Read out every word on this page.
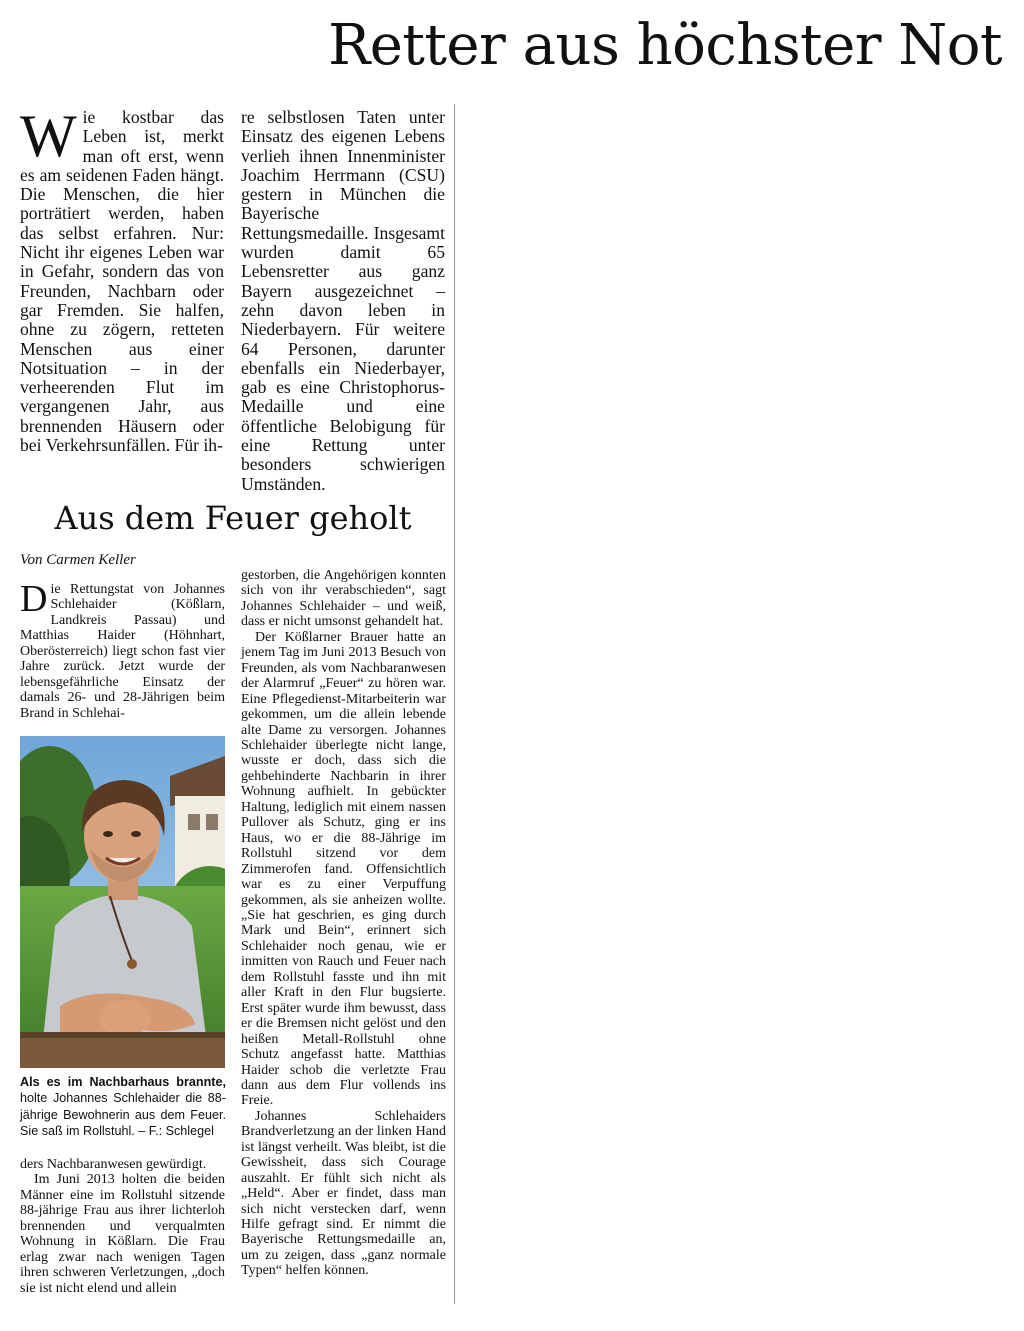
Retter aus höchster Not
Wie kostbar das Leben ist, merkt man oft erst, wenn es am seidenen Faden hängt. Die Menschen, die hier porträtiert werden, haben das selbst erfahren. Nur: Nicht ihr eigenes Leben war in Gefahr, sondern das von Freunden, Nachbarn oder gar Fremden. Sie halfen, ohne zu zögern, retteten Menschen aus einer Notsituation – in der verheerenden Flut im vergangenen Jahr, aus brennenden Häusern oder bei Verkehrsunfällen. Für ih-
re selbstlosen Taten unter Einsatz des eigenen Lebens verlieh ihnen Innenminister Joachim Herrmann (CSU) gestern in München die Bayerische Rettungsmedaille. Insgesamt wurden damit 65 Lebensretter aus ganz Bayern ausgezeichnet – zehn davon leben in Niederbayern. Für weitere 64 Personen, darunter ebenfalls ein Niederbayer, gab es eine Christophorus-Medaille und eine öffentliche Belobigung für eine Rettung unter besonders schwierigen Umständen.
Aus dem Feuer geholt
Von Carmen Keller

Die Rettungstat von Johannes Schlehaider (Kößlarn, Landkreis Passau) und Matthias Haider (Höhnhart, Oberösterreich) liegt schon fast vier Jahre zurück. Jetzt wurde der lebensgefährliche Einsatz der damals 26- und 28-Jährigen beim Brand in Schlehai-

Als es im Nachbarhaus brannte, holte Johannes Schlehaider die 88-jährige Bewohnerin aus dem Feuer. Sie saß im Rollstuhl. – F.: Schlegel

ders Nachbaranwesen gewürdigt.

Im Juni 2013 holten die beiden Männer eine im Rollstuhl sitzende 88-jährige Frau aus ihrer lichterloh brennenden und verqualmten Wohnung in Kößlarn. Die Frau erlag zwar nach wenigen Tagen ihren schweren Verletzungen, „doch sie ist nicht elend und allein

gestorben, die Angehörigen konnten sich von ihr verabschieden“, sagt Johannes Schlehaider – und weiß, dass er nicht umsonst gehandelt hat.

Der Kößlarner Brauer hatte an jenem Tag im Juni 2013 Besuch von Freunden, als vom Nachbaranwesen der Alarmruf „Feuer“ zu hören war. Eine Pflegedienst-Mitarbeiterin war gekommen, um die allein lebende alte Dame zu versorgen. Johannes Schlehaider überlegte nicht lange, wusste er doch, dass sich die gehbehinderte Nachbarin in ihrer Wohnung aufhielt. In gebückter Haltung, lediglich mit einem nassen Pullover als Schutz, ging er ins Haus, wo er die 88-Jährige im Rollstuhl sitzend vor dem Zimmerofen fand. Offensichtlich war es zu einer Verpuffung gekommen, als sie anheizen wollte. „Sie hat geschrien, es ging durch Mark und Bein“, erinnert sich Schlehaider noch genau, wie er inmitten von Rauch und Feuer nach dem Rollstuhl fasste und ihn mit aller Kraft in den Flur bugsierte. Erst später wurde ihm bewusst, dass er die Bremsen nicht gelöst und den heißen Metall-Rollstuhl ohne Schutz angefasst hatte. Matthias Haider schob die verletzte Frau dann aus dem Flur vollends ins Freie.

Johannes Schlehaiders Brandverletzung an der linken Hand ist längst verheilt. Was bleibt, ist die Gewissheit, dass sich Courage auszahlt. Er fühlt sich nicht als „Held“. Aber er findet, dass man sich nicht verstecken darf, wenn Hilfe gefragt sind. Er nimmt die Bayerische Rettungsmedaille an, um zu zeigen, dass „ganz normale Typen“ helfen können.
